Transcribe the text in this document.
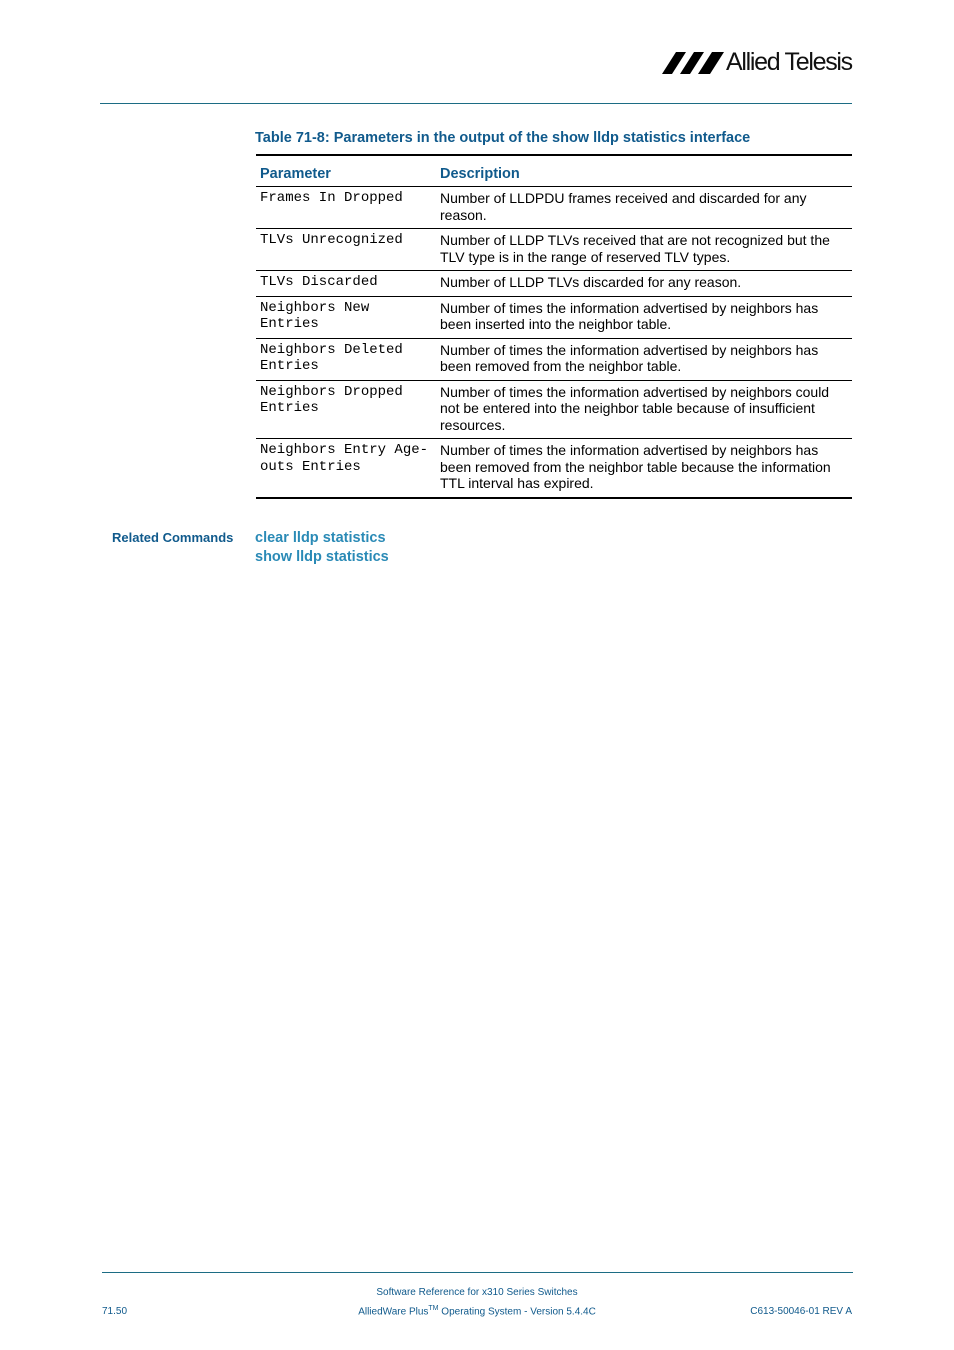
Allied Telesis
Table 71-8: Parameters in the output of the show lldp statistics interface
Parameter	Description
Frames In Dropped	Number of LLDPDU frames received and discarded for any reason.
TLVs Unrecognized	Number of LLDP TLVs received that are not recognized but the TLV type is in the range of reserved TLV types.
TLVs Discarded	Number of LLDP TLVs discarded for any reason.
Neighbors New Entries	Number of times the information advertised by neighbors has been inserted into the neighbor table.
Neighbors Deleted Entries	Number of times the information advertised by neighbors has been removed from the neighbor table.
Neighbors Dropped Entries	Number of times the information advertised by neighbors could not be entered into the neighbor table because of insufficient resources.
Neighbors Entry Age-outs Entries	Number of times the information advertised by neighbors has been removed from the neighbor table because the information TTL interval has expired.
Related Commands clear lldp statistics
show lldp statistics
Software Reference for x310 Series Switches
AlliedWare Plus™ Operating System - Version 5.4.4C
71.50	C613-50046-01 REV A
